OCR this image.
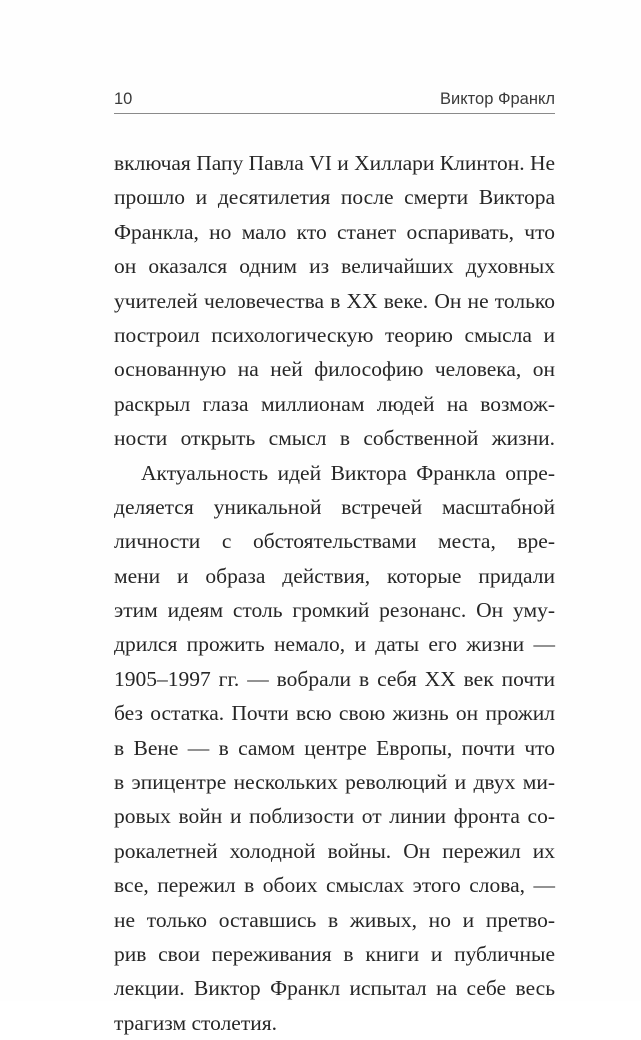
10	Виктор Франкл
включая Папу Павла VI и Хиллари Клинтон. Не
прошло и десятилетия после смерти Виктора
Франкла, но мало кто станет оспаривать, что
он оказался одним из величайших духовных
учителей человечества в XX веке. Он не только
построил психологическую теорию смысла и
основанную на ней философию человека, он
раскрыл глаза миллионам людей на возмож-
ности открыть смысл в собственной жизни.
Актуальность идей Виктора Франкла опре-
деляется уникальной встречей масштабной
личности с обстоятельствами места, вре-
мени и образа действия, которые придали
этим идеям столь громкий резонанс. Он уму-
дрился прожить немало, и даты его жизни —
1905–1997 гг. — вобрали в себя XX век почти
без остатка. Почти всю свою жизнь он прожил
в Вене — в самом центре Европы, почти что
в эпицентре нескольких революций и двух ми-
ровых войн и поблизости от линии фронта со-
рокалетней холодной войны. Он пережил их
все, пережил в обоих смыслах этого слова, —
не только оставшись в живых, но и претво-
рив свои переживания в книги и публичные
лекции. Виктор Франкл испытал на себе весь
трагизм столетия.
